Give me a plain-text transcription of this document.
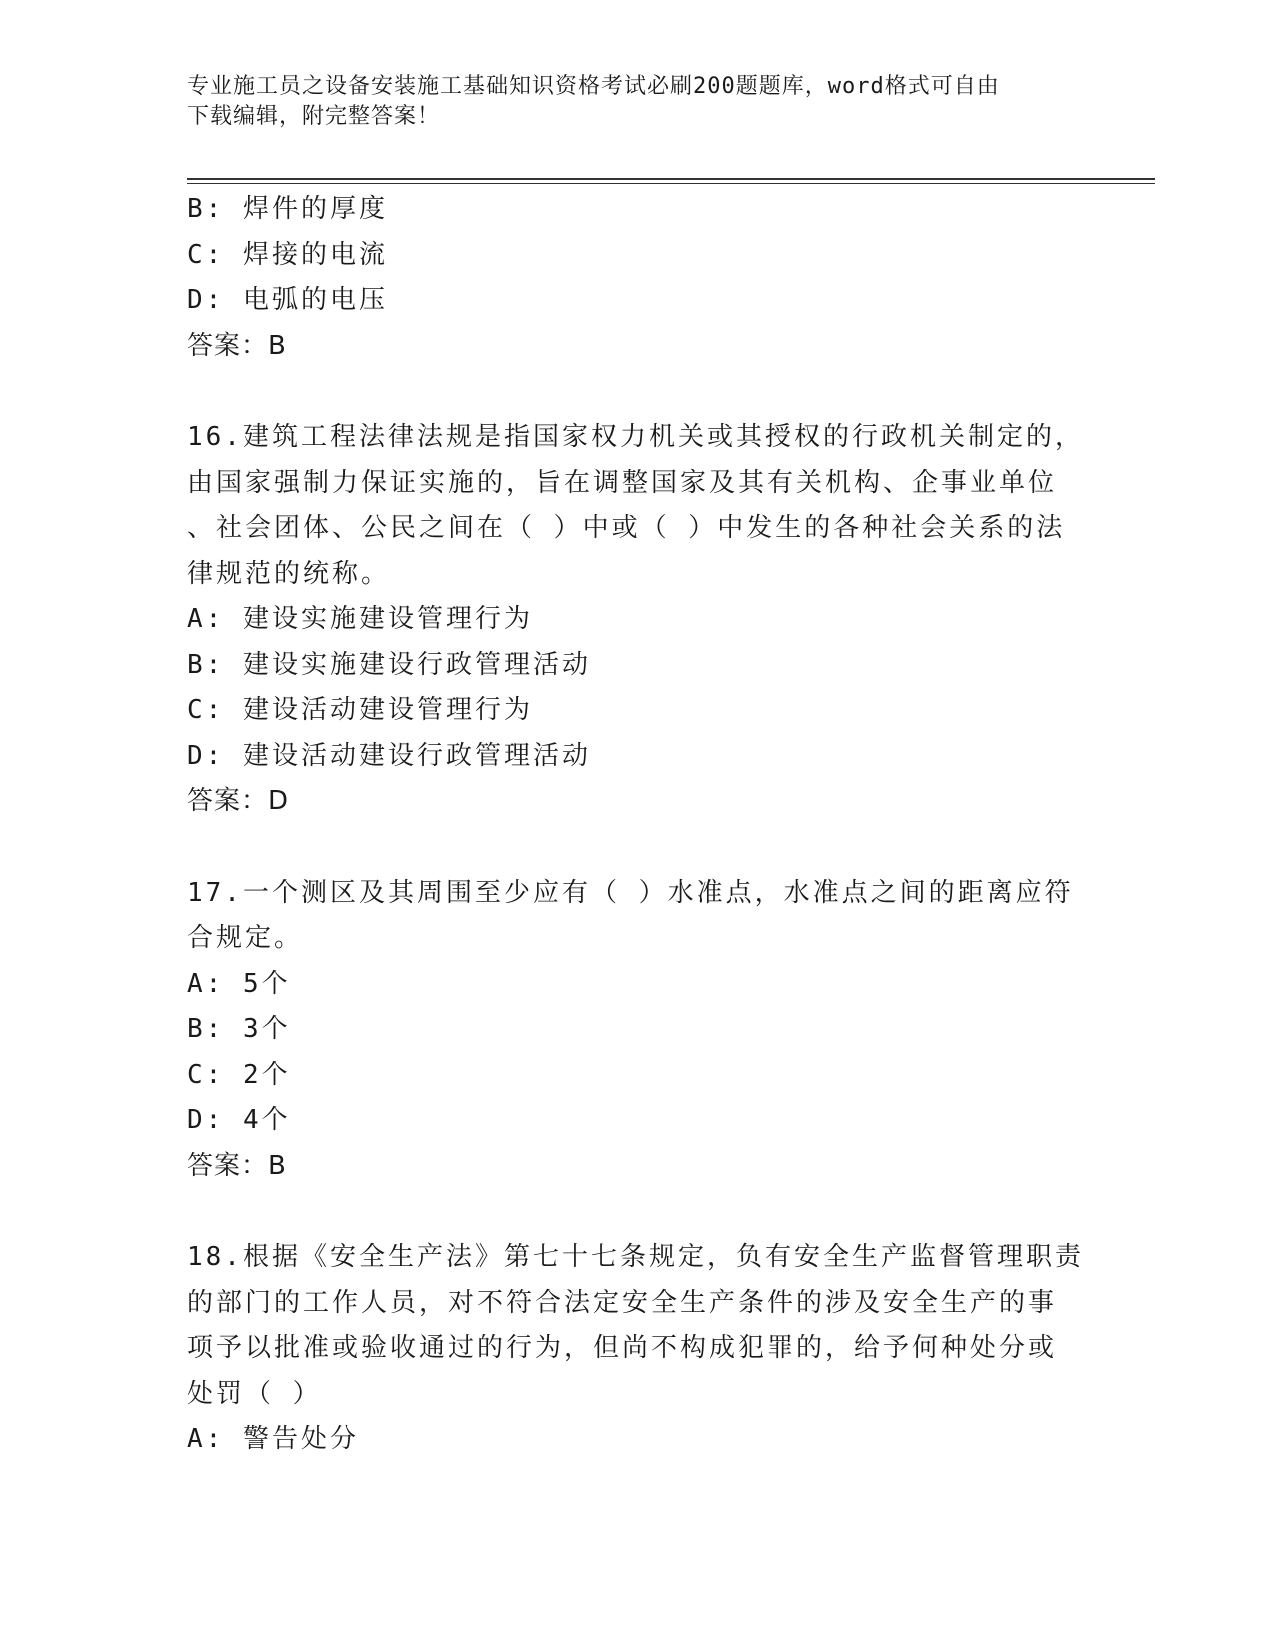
专业施工员之设备安装施工基础知识资格考试必刷200题题库，word格式可自由
下载编辑，附完整答案！
B: 焊件的厚度
C: 焊接的电流
D: 电弧的电压
答案：B
16.建筑工程法律法规是指国家权力机关或其授权的行政机关制定的，
由国家强制力保证实施的，旨在调整国家及其有关机构、企事业单位
、社会团体、公民之间在（ ）中或（ ）中发生的各种社会关系的法
律规范的统称。
A: 建设实施建设管理行为
B: 建设实施建设行政管理活动
C: 建设活动建设管理行为
D: 建设活动建设行政管理活动
答案：D
17.一个测区及其周围至少应有（ ）水准点，水准点之间的距离应符
合规定。
A: 5个
B: 3个
C: 2个
D: 4个
答案：B
18.根据《安全生产法》第七十七条规定，负有安全生产监督管理职责
的部门的工作人员，对不符合法定安全生产条件的涉及安全生产的事
项予以批准或验收通过的行为，但尚不构成犯罪的，给予何种处分或
处罚（ ）
A: 警告处分
